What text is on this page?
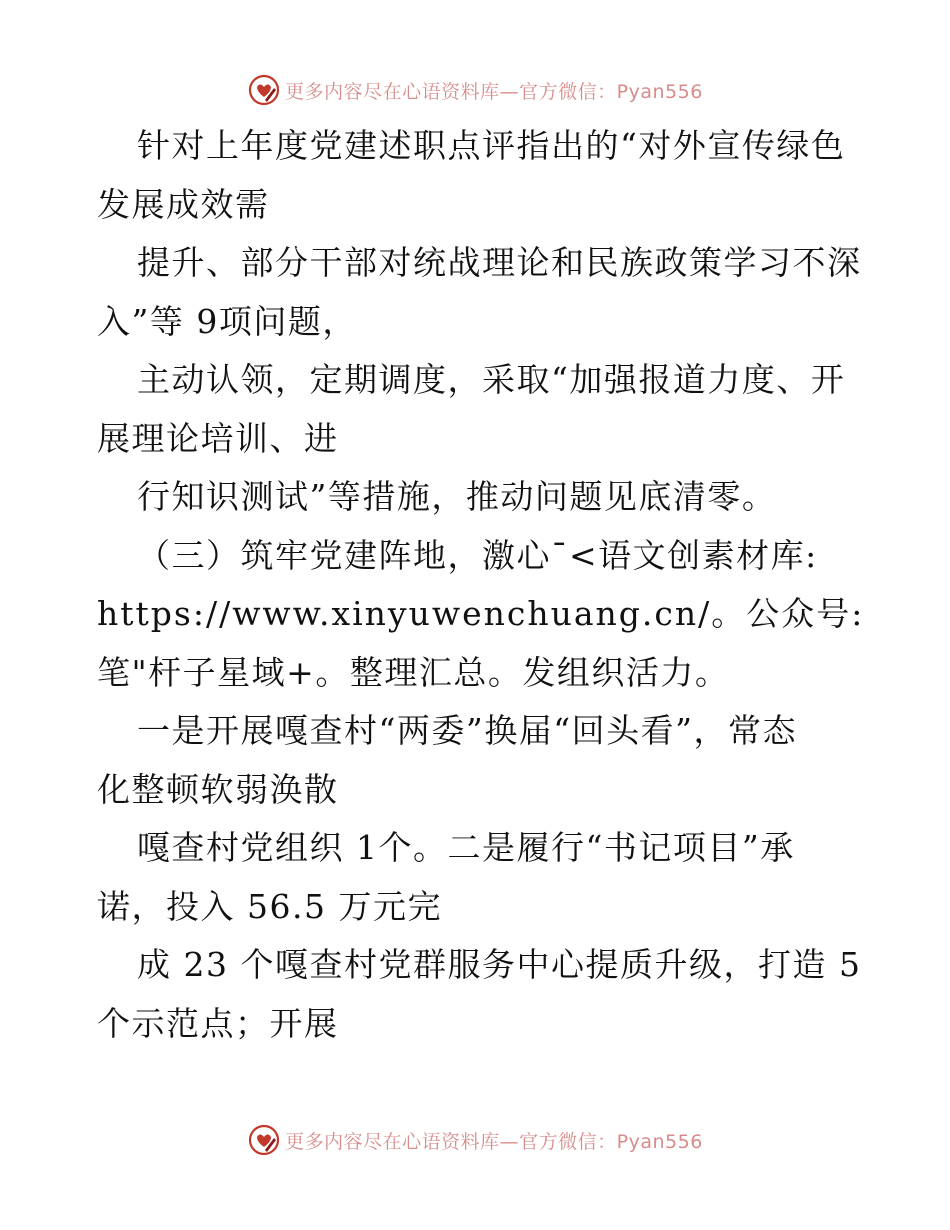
更多内容尽在心语资料库—官方微信：Pyan556
针对上年度党建述职点评指出的“对外宣传绿色
发展成效需
提升、部分干部对统战理论和民族政策学习不深
入”等 9项问题，
主动认领，定期调度，采取“加强报道力度、开
展理论培训、进
行知识测试”等措施，推动问题见底清零。
（三）筑牢党建阵地，激心¯<语文创素材库:
https://www.xinyuwenchuang.cn/。公众号:
笔"杆子星域+。整理汇总。发组织活力。
一是开展嘎查村“两委”换届“回头看”，常态
化整顿软弱涣散
嘎查村党组织 1个。二是履行“书记项目”承
诺，投入 56.5 万元完
成 23 个嘎查村党群服务中心提质升级，打造 5
个示范点；开展
更多内容尽在心语资料库—官方微信：Pyan556
